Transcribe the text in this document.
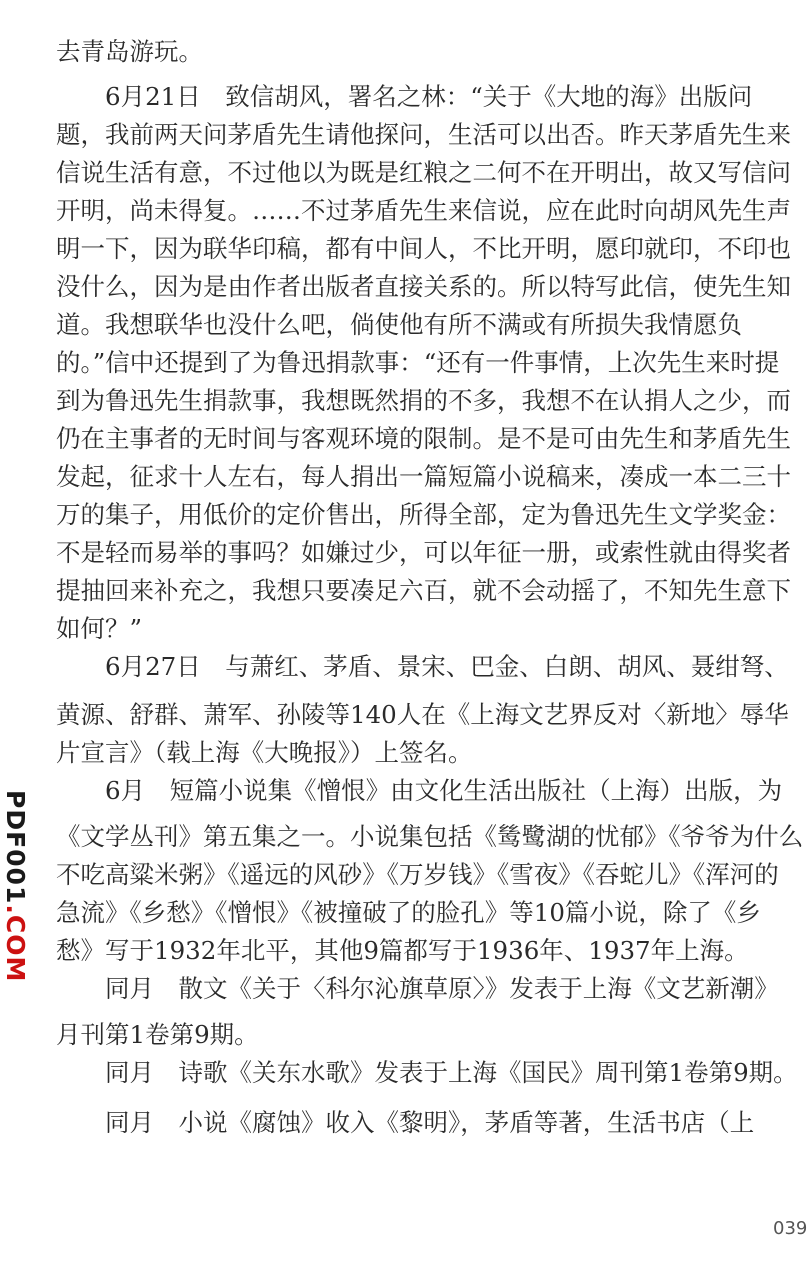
去青岛游玩。
　　6月21日　致信胡风，署名之林：“关于《大地的海》出版问
题，我前两天问茅盾先生请他探问，生活可以出否。昨天茅盾先生来
信说生活有意，不过他以为既是红粮之二何不在开明出，故又写信问
开明，尚未得复。……不过茅盾先生来信说，应在此时向胡风先生声
明一下，因为联华印稿，都有中间人，不比开明，愿印就印，不印也
没什么，因为是由作者出版者直接关系的。所以特写此信，使先生知
道。我想联华也没什么吧，倘使他有所不满或有所损失我情愿负
的。”信中还提到了为鲁迅捐款事：“还有一件事情，上次先生来时提
到为鲁迅先生捐款事，我想既然捐的不多，我想不在认捐人之少，而
仍在主事者的无时间与客观环境的限制。是不是可由先生和茅盾先生
发起，征求十人左右，每人捐出一篇短篇小说稿来，凑成一本二三十
万的集子，用低价的定价售出，所得全部，定为鲁迅先生文学奖金：
不是轻而易举的事吗？如嫌过少，可以年征一册，或索性就由得奖者
提抽回来补充之，我想只要凑足六百，就不会动摇了，不知先生意下
如何？”
　　6月27日　与萧红、茅盾、景宋、巴金、白朗、胡风、聂绀弩、
黄源、舒群、萧军、孙陵等140人在《上海文艺界反对〈新地〉辱华
片宣言》（载上海《大晚报》）上签名。
　　6月　短篇小说集《憎恨》由文化生活出版社（上海）出版，为
《文学丛刊》第五集之一。小说集包括《鸶鹭湖的忧郁》《爷爷为什么
不吃高粱米粥》《遥远的风砂》《万岁钱》《雪夜》《吞蛇儿》《浑河的
急流》《乡愁》《憎恨》《被撞破了的脸孔》等10篇小说，除了《乡
愁》写于1932年北平，其他9篇都写于1936年、1937年上海。
　　同月　散文《关于〈科尔沁旗草原〉》发表于上海《文艺新潮》
月刊第1卷第9期。
　　同月　诗歌《关东水歌》发表于上海《国民》周刊第1卷第9期。
　　同月　小说《腐蚀》收入《黎明》，茅盾等著，生活书店（上
PDF001.COM
039
